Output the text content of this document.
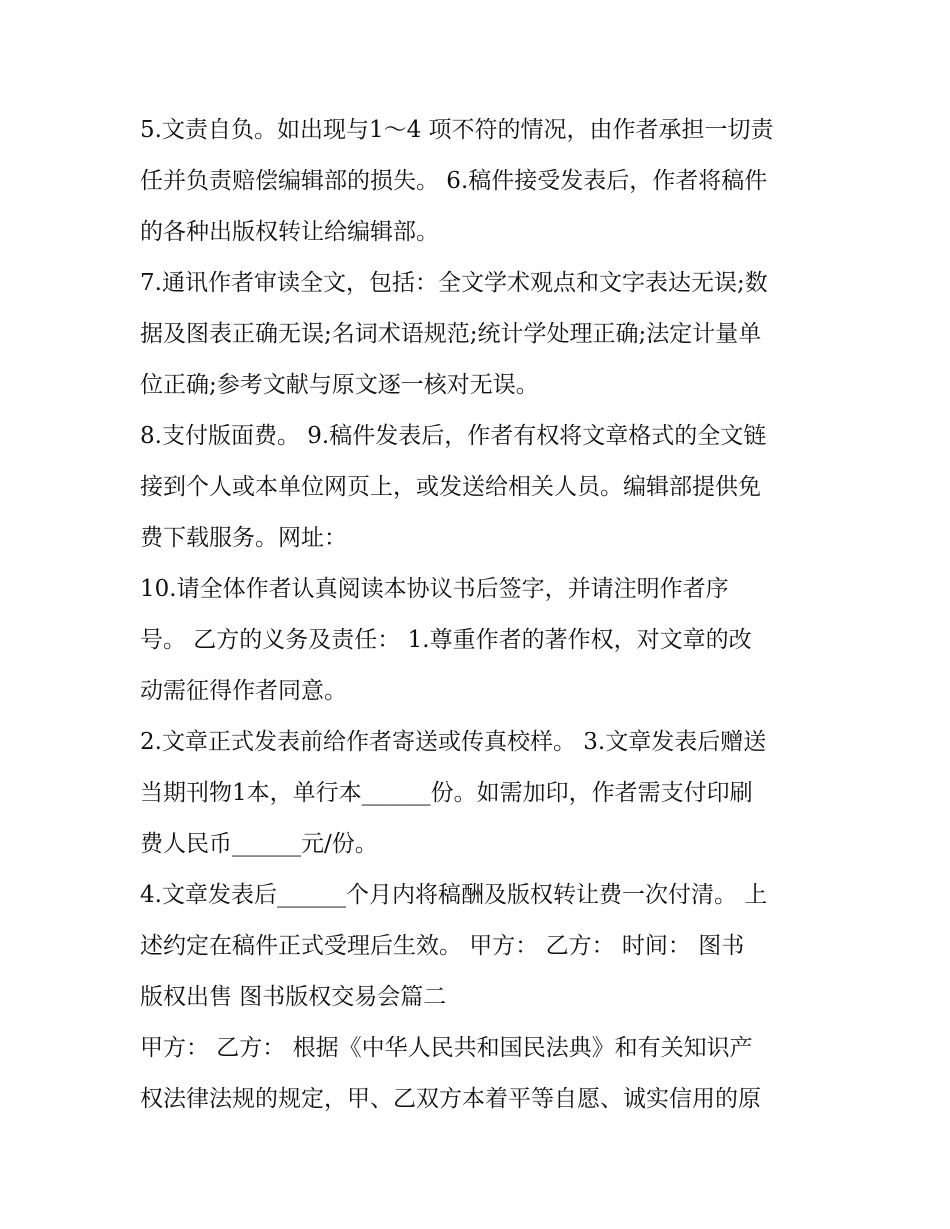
5.文责自负。如出现与1～4 项不符的情况，由作者承担一切责
任并负责赔偿编辑部的损失。 6.稿件接受发表后，作者将稿件
的各种出版权转让给编辑部。
7.通讯作者审读全文，包括：全文学术观点和文字表达无误;数
据及图表正确无误;名词术语规范;统计学处理正确;法定计量单
位正确;参考文献与原文逐一核对无误。
8.支付版面费。 9.稿件发表后，作者有权将文章格式的全文链
接到个人或本单位网页上，或发送给相关人员。编辑部提供免
费下载服务。网址：
10.请全体作者认真阅读本协议书后签字，并请注明作者序
号。 乙方的义务及责任： 1.尊重作者的著作权，对文章的改
动需征得作者同意。
2.文章正式发表前给作者寄送或传真校样。 3.文章发表后赠送
当期刊物1本，单行本______份。如需加印，作者需支付印刷
费人民币______元/份。
4.文章发表后______个月内将稿酬及版权转让费一次付清。 上
述约定在稿件正式受理后生效。 甲方： 乙方： 时间： 图书
版权出售 图书版权交易会篇二
甲方： 乙方： 根据《中华人民共和国民法典》和有关知识产
权法律法规的规定，甲、乙双方本着平等自愿、诚实信用的原
